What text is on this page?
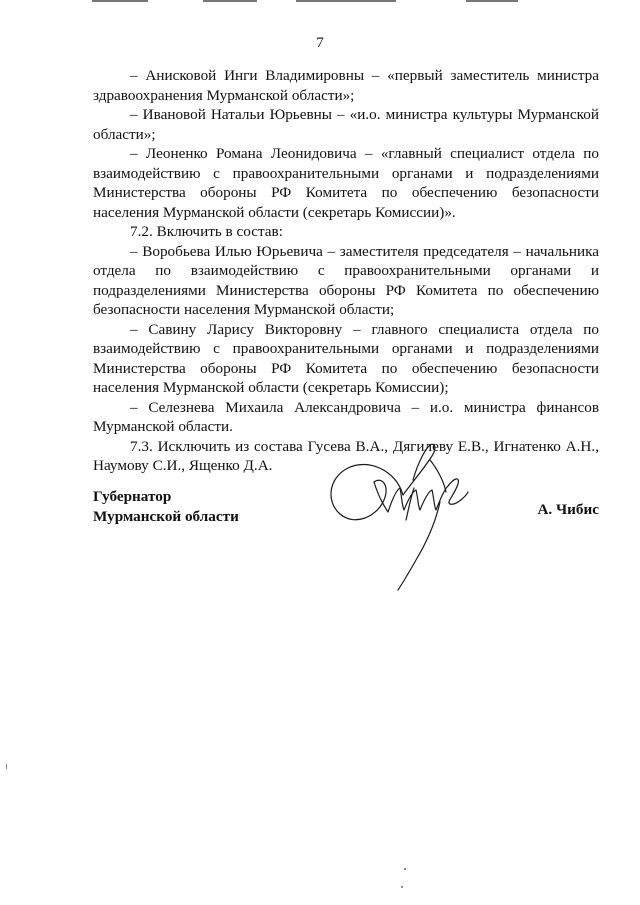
7

– Анисковой Инги Владимировны – «первый заместитель министра здравоохранения Мурманской области»;

– Ивановой Натальи Юрьевны – «и.о. министра культуры Мурманской области»;

– Леоненко Романа Леонидовича – «главный специалист отдела по взаимодействию с правоохранительными органами и подразделениями Министерства обороны РФ Комитета по обеспечению безопасности населения Мурманской области (секретарь Комиссии)».

7.2. Включить в состав:

– Воробьева Илью Юрьевича – заместителя председателя – начальника отдела по взаимодействию с правоохранительными органами и подразделениями Министерства обороны РФ Комитета по обеспечению безопасности населения Мурманской области;

– Савину Ларису Викторовну – главного специалиста отдела по взаимодействию с правоохранительными органами и подразделениями Министерства обороны РФ Комитета по обеспечению безопасности населения Мурманской области (секретарь Комиссии);

– Селезнева Михаила Александровича – и.о. министра финансов Мурманской области.

7.3. Исключить из состава Гусева В.А., Дягилеву Е.В., Игнатенко А.Н., Наумову С.И., Ященко Д.А.

Губернатор
Мурманской области	А. Чибис
